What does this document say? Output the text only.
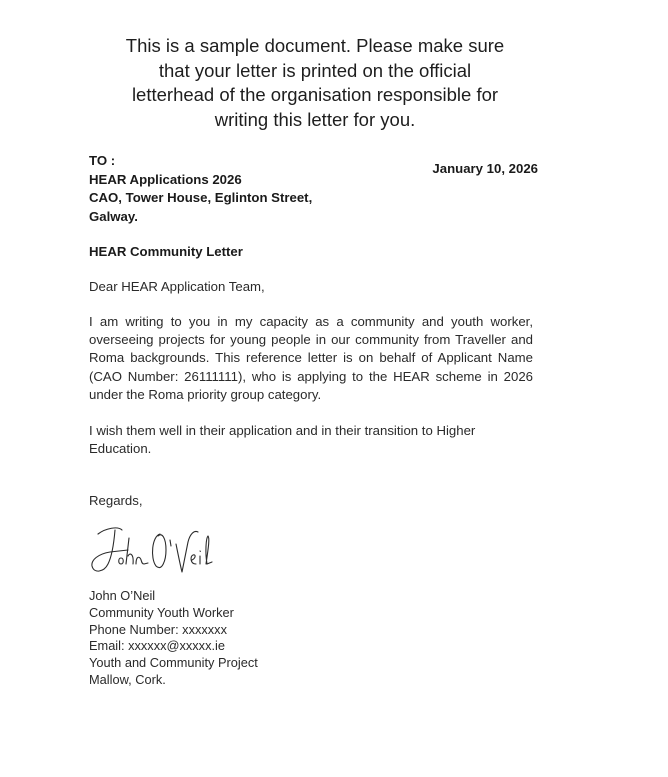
This is a sample document. Please make sure
that your letter is printed on the official
letterhead of the organisation responsible for
writing this letter for you.
TO :
HEAR Applications 2026
CAO, Tower House, Eglinton Street,
Galway.
January 10, 2026
HEAR Community Letter
Dear HEAR Application Team,
I am writing to you in my capacity as a community and youth worker, overseeing projects for young people in our community from Traveller and Roma backgrounds. This reference letter is on behalf of Applicant Name (CAO Number: 26111111), who is applying to the HEAR scheme in 2026 under the Roma priority group category.
I wish them well in their application and in their transition to Higher Education.
Regards,
John O’Neil
Community Youth Worker
Phone Number: xxxxxxx
Email: xxxxxx@xxxxx.ie
Youth and Community Project
Mallow, Cork.
